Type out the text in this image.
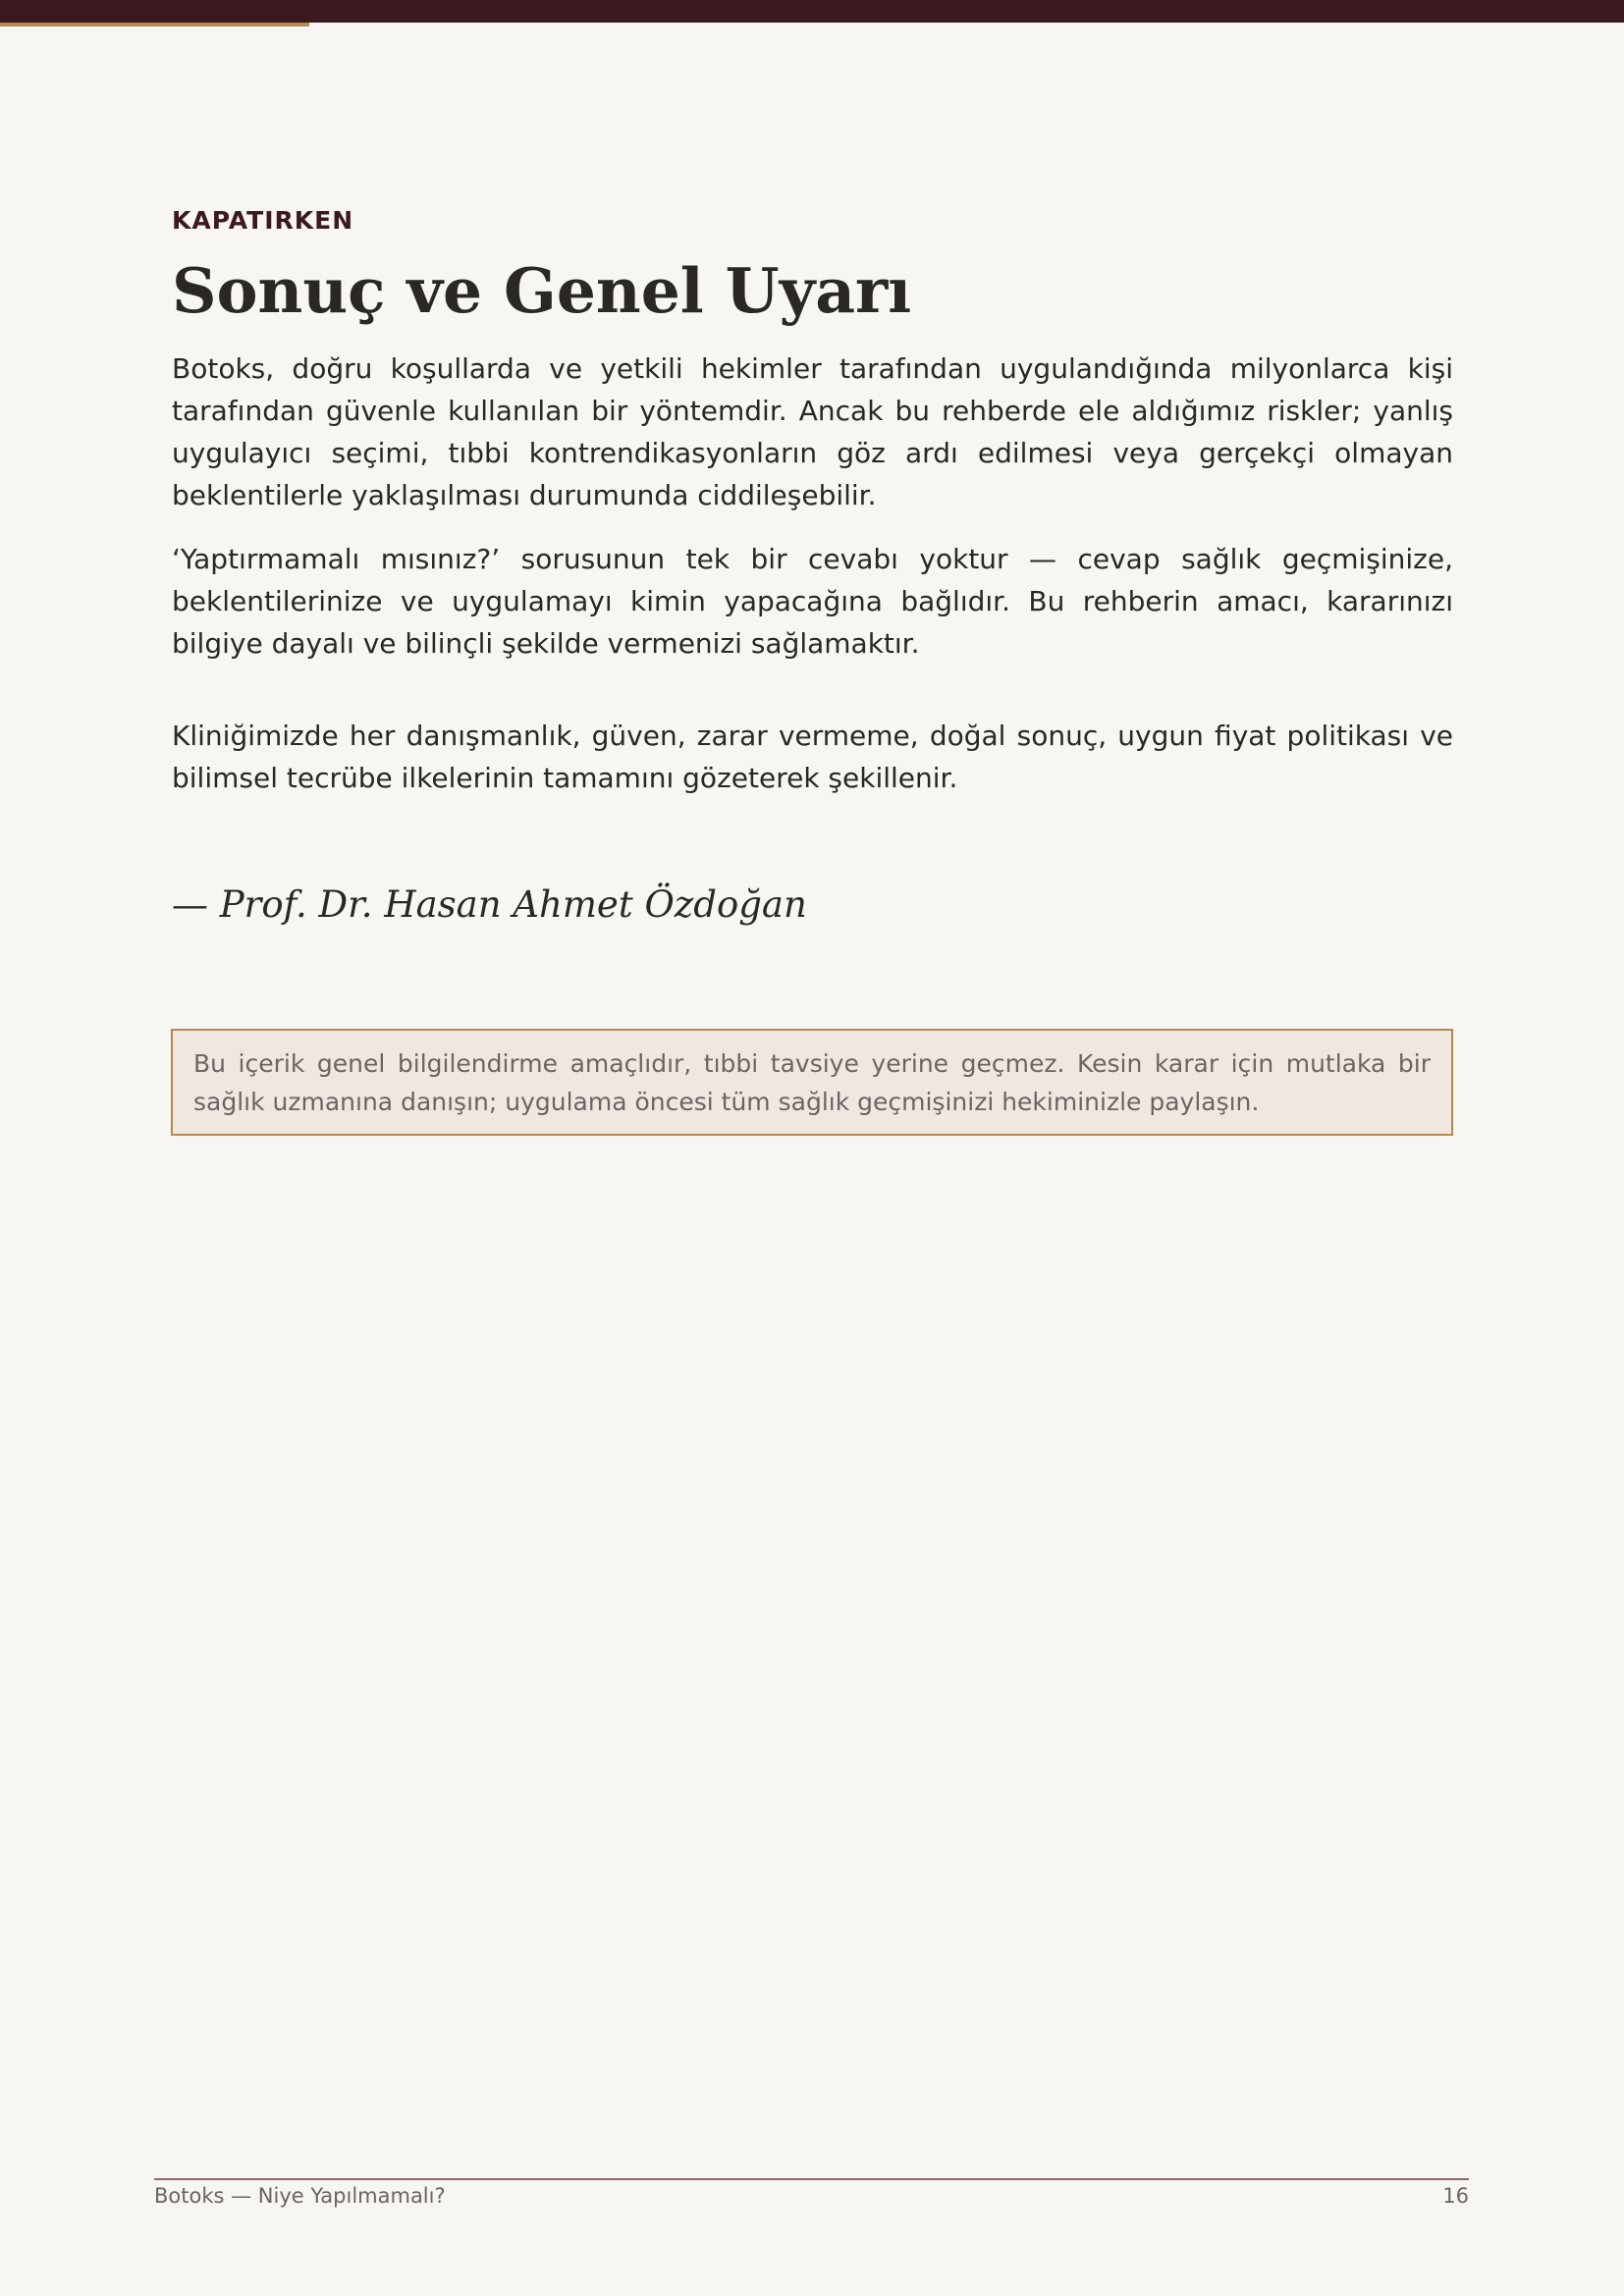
KAPATIRKEN

Sonuç ve Genel Uyarı

Botoks, doğru koşullarda ve yetkili hekimler tarafından uygulandığında milyonlarca kişi tarafından güvenle kullanılan bir yöntemdir. Ancak bu rehberde ele aldığımız riskler; yanlış uygulayıcı seçimi, tıbbi kontrendikasyonların göz ardı edilmesi veya gerçekçi olmayan beklentilerle yaklaşılması durumunda ciddileşebilir.

‘Yaptırmamalı mısınız?’ sorusunun tek bir cevabı yoktur — cevap sağlık geçmişinize, beklentilerinize ve uygulamayı kimin yapacağına bağlıdır. Bu rehberin amacı, kararınızı bilgiye dayalı ve bilinçli şekilde vermenizi sağlamaktır.

Kliniğimizde her danışmanlık, güven, zarar vermeme, doğal sonuç, uygun fiyat politikası ve bilimsel tecrübe ilkelerinin tamamını gözeterek şekillenir.

— Prof. Dr. Hasan Ahmet Özdoğan

Bu içerik genel bilgilendirme amaçlıdır, tıbbi tavsiye yerine geçmez. Kesin karar için mutlaka bir sağlık uzmanına danışın; uygulama öncesi tüm sağlık geçmişinizi hekiminizle paylaşın.

Botoks — Niye Yapılmamalı?	16
